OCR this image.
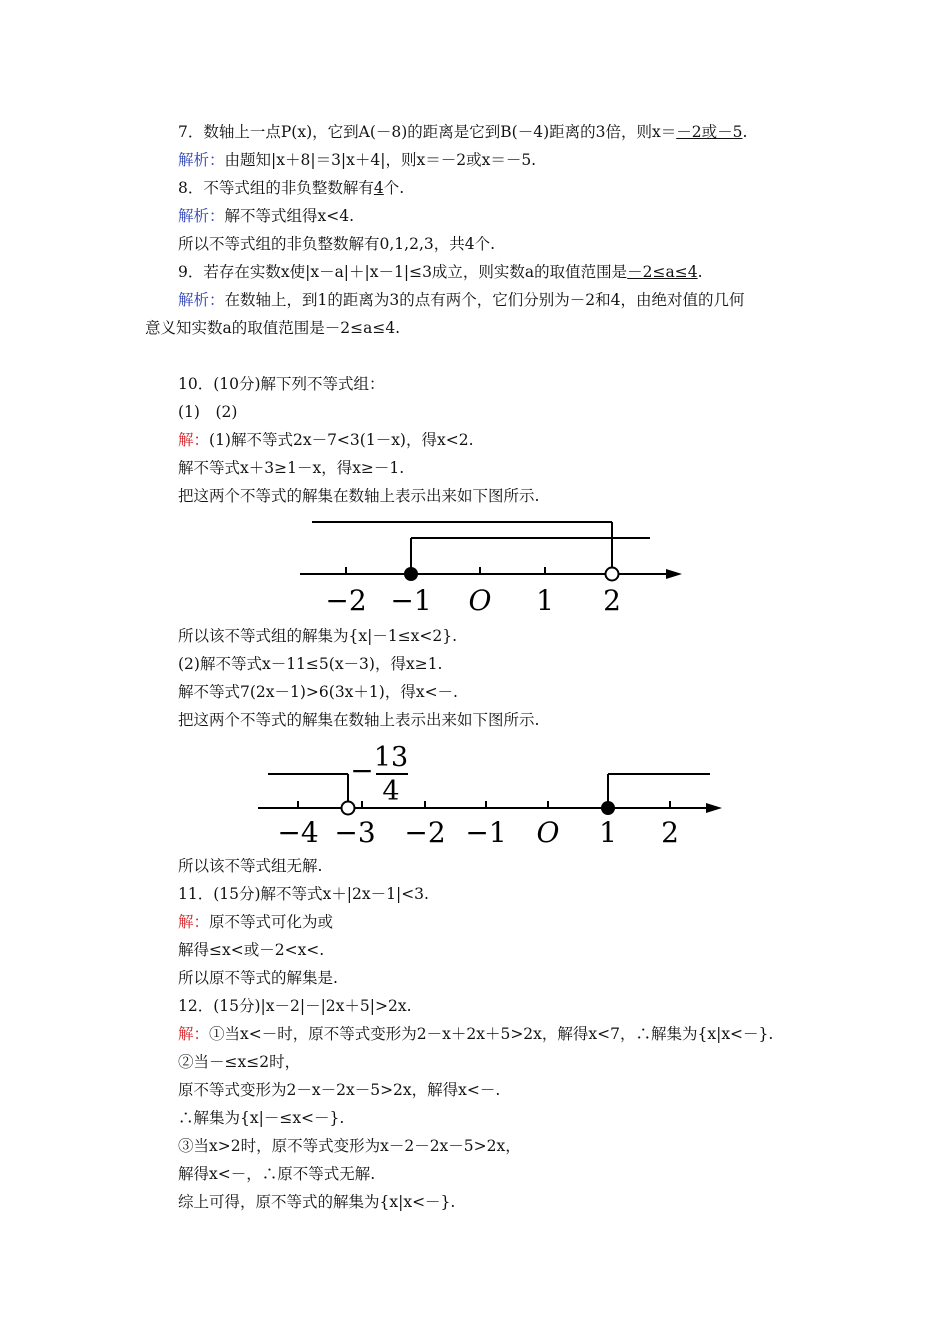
7．数轴上一点P(x)，它到A(－8)的距离是它到B(－4)距离的3倍，则x＝－2或－5.
解析：由题知|x＋8|＝3|x＋4|，则x＝－2或x＝－5.
8．不等式组的非负整数解有4个.
解析：解不等式组得x<4.
所以不等式组的非负整数解有0,1,2,3，共4个.
9．若存在实数x使|x－a|＋|x－1|≤3成立，则实数a的取值范围是－2≤a≤4.
解析：在数轴上，到1的距离为3的点有两个，它们分别为－2和4，由绝对值的几何
意义知实数a的取值范围是－2≤a≤4.
10．(10分)解下列不等式组：
(1)　(2)
解：(1)解不等式2x－7<3(1－x)，得x<2.
解不等式x＋3≥1－x，得x≥－1.
把这两个不等式的解集在数轴上表示出来如下图所示.
−2 −1 O 1 2
所以该不等式组的解集为{x|－1≤x<2}.
(2)解不等式x－11≤5(x－3)，得x≥1.
解不等式7(2x－1)>6(3x＋1)，得x<－.
把这两个不等式的解集在数轴上表示出来如下图所示.
− 13
4
−4 −3 −2 −1 O 1 2
所以该不等式组无解.
11．(15分)解不等式x＋|2x－1|<3.
解：原不等式可化为或
解得≤x<或－2<x<.
所以原不等式的解集是.
12．(15分)|x－2|－|2x＋5|>2x.
解：①当x<－时，原不等式变形为2－x＋2x＋5>2x，解得x<7，∴解集为{x|x<－}.
②当－≤x≤2时，
原不等式变形为2－x－2x－5>2x，解得x<－.
∴解集为{x|－≤x<－}.
③当x>2时，原不等式变形为x－2－2x－5>2x，
解得x<－，∴原不等式无解.
综上可得，原不等式的解集为{x|x<－}.
